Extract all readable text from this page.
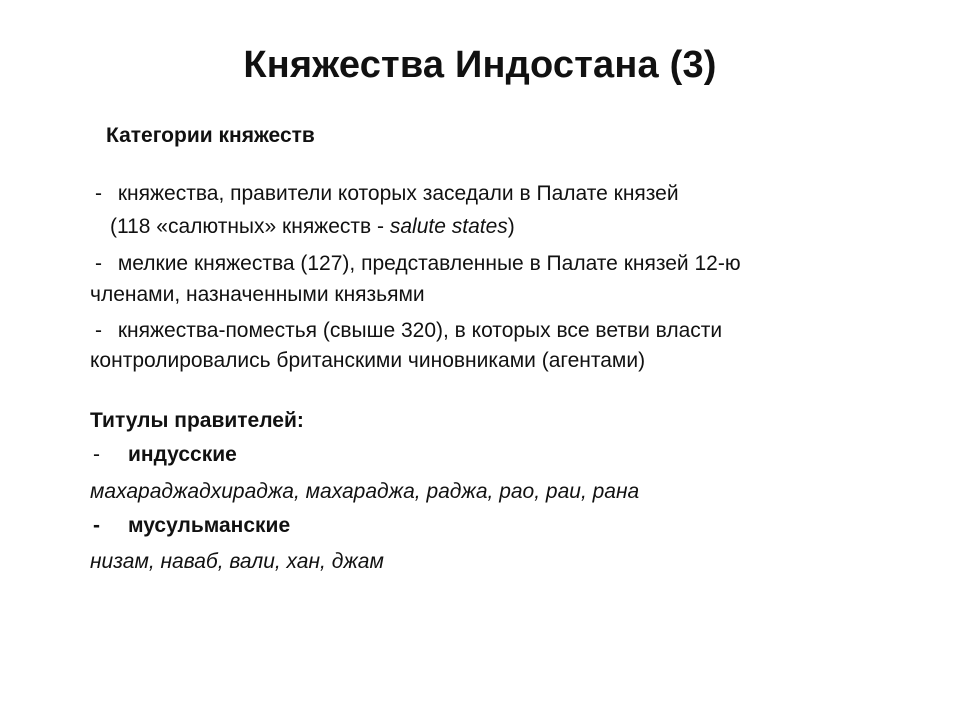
Княжества Индостана (3)
Категории княжеств
- княжества, правители которых заседали в Палате князей
(118 «салютных» княжеств - salute states)
- мелкие княжества (127), представленные в Палате князей 12-ю
членами, назначенными князьями
- княжества-поместья (свыше 320), в которых все ветви власти
контролировались британскими чиновниками (агентами)
Титулы правителей:
- индусские
махараджадхираджа, махараджа, раджа, рао, раи, рана
- мусульманские
низам, наваб, вали, хан, джам
